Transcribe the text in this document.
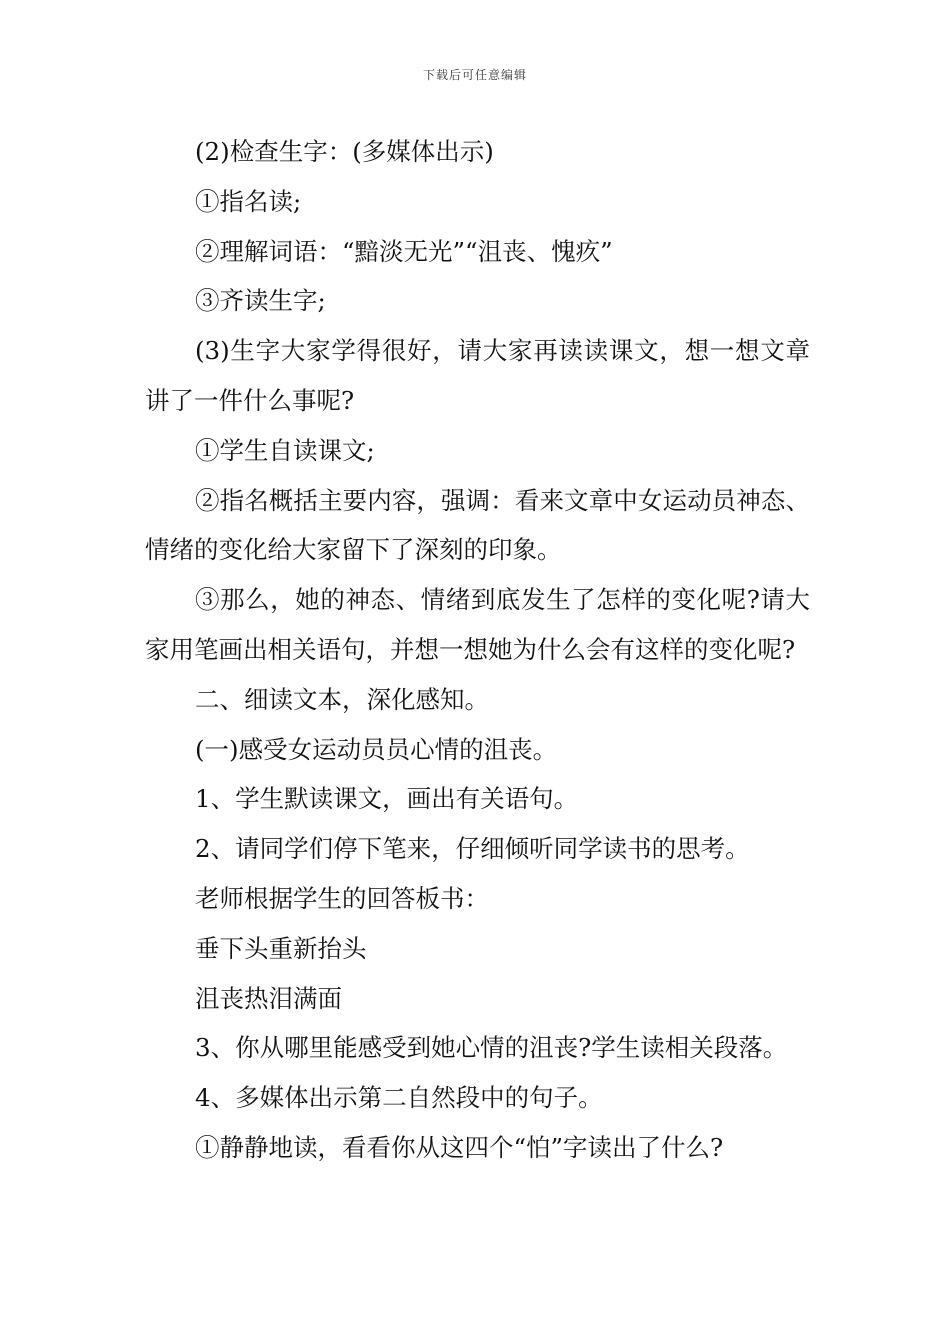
下载后可任意编辑

(2)检查生字：(多媒体出示)

①指名读;

②理解词语：“黯淡无光”“沮丧、愧疚”

③齐读生字;

(3)生字大家学得很好，请大家再读读课文，想一想文章讲了一件什么事呢?

①学生自读课文;

②指名概括主要内容，强调：看来文章中女运动员神态、情绪的变化给大家留下了深刻的印象。

③那么，她的神态、情绪到底发生了怎样的变化呢?请大家用笔画出相关语句，并想一想她为什么会有这样的变化呢?

二、细读文本，深化感知。

(一)感受女运动员员心情的沮丧。

1、学生默读课文，画出有关语句。

2、请同学们停下笔来，仔细倾听同学读书的思考。

老师根据学生的回答板书：

垂下头重新抬头

沮丧热泪满面

3、你从哪里能感受到她心情的沮丧?学生读相关段落。

4、多媒体出示第二自然段中的句子。

①静静地读，看看你从这四个“怕”字读出了什么?
